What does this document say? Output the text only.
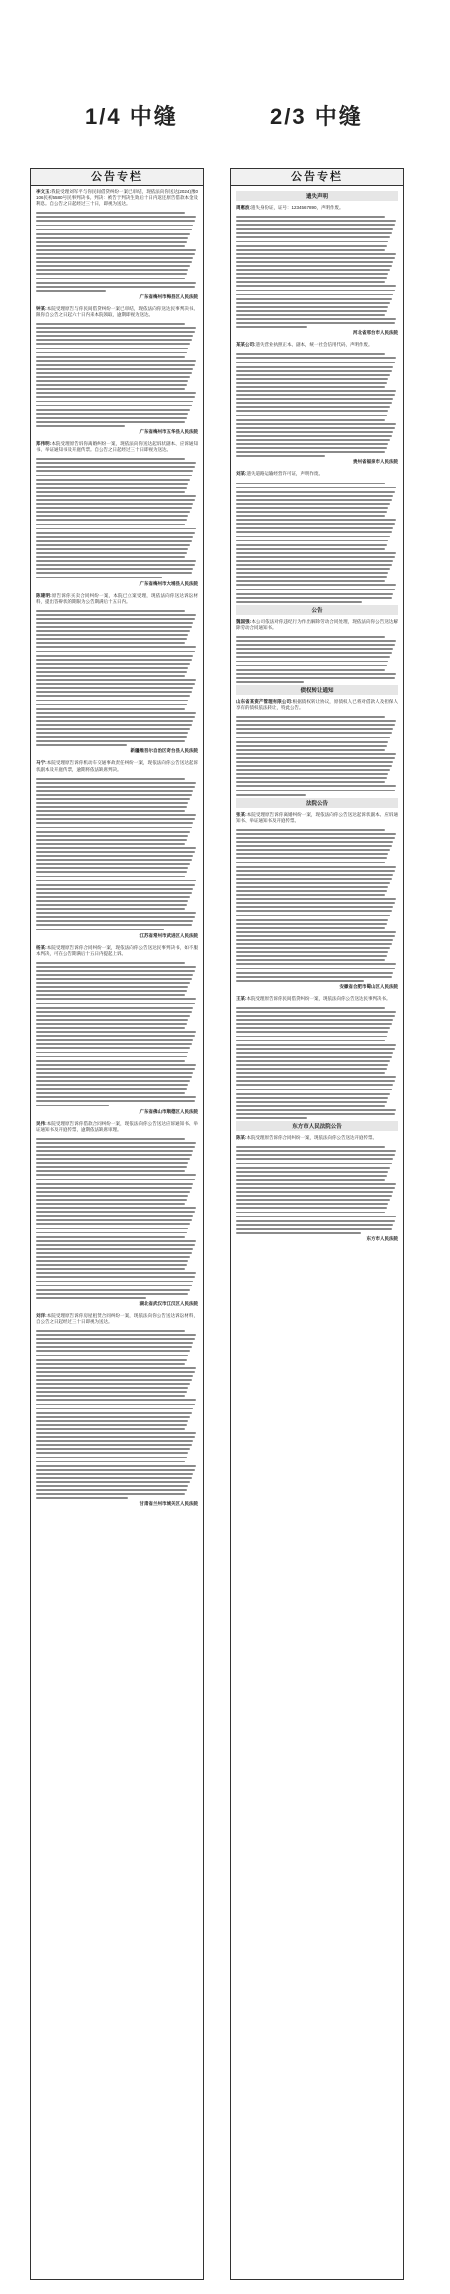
1/4 中缝	2/3 中缝
公告专栏
李文玉:我院受理刘军平与你民间借贷纠纷一案已审结，现依法向你送达(2024)豫0106民初5580号民事判决书。判决：被告于判决生效后十日内返还原告借款本金及利息。自公告之日起经过三十日，即视为送达。
广东省梅州市梅县区人民法院
钟某:本院受理原告与你民间借贷纠纷一案已审结，现依法向你送达民事判决书。限你自公告之日起六十日内来本院领取，逾期即视为送达。
广东省梅州市五华县人民法院
郑伟明:本院受理原告诉你离婚纠纷一案，现依法向你送达起诉状副本、应诉通知书、举证通知书及开庭传票。自公告之日起经过三十日即视为送达。
广东省梅州市大埔县人民法院
陈建明:原告诉你买卖合同纠纷一案，本院已立案受理，现依法向你送达诉讼材料，提出答辩状的期限为公告期满后十五日内。
新疆维吾尔自治区奇台县人民法院
马宁:本院受理原告诉你机动车交通事故责任纠纷一案，现依法向你公告送达起诉状副本及开庭传票，逾期将依法缺席判决。
江苏省常州市武进区人民法院
杨某:本院受理原告诉你合同纠纷一案，现依法向你公告送达民事判决书，如不服本判决，可在公告期满后十五日内提起上诉。
广东省佛山市顺德区人民法院
吴伟:本院受理原告诉你借款合同纠纷一案，现依法向你公告送达应诉通知书、举证通知书及开庭传票，逾期依法缺席审理。
湖北省武汉市江汉区人民法院
刘洋:本院受理原告诉你房屋租赁合同纠纷一案，现依法向你公告送达诉讼材料，自公告之日起经过三十日即视为送达。
甘肃省兰州市城关区人民法院
公告专栏
遗失声明
周惠波:遗失身份证，证号：1234567890，声明作废。
河北省邢台市人民法院
某某公司:遗失营业执照正本、副本，统一社会信用代码，声明作废。
贵州省福泉市人民法院
刘某:遗失道路运输经营许可证，声明作废。
公告
魏国强:本公司依法对你违纪行为作出解除劳动合同处理，现依法向你公告送达解除劳动合同通知书。
债权转让通知
山东省某资产管理有限公司:根据债权转让协议，原债权人已将对借款人及担保人享有的债权依法转让，特此公告。
法院公告
张某:本院受理原告诉你离婚纠纷一案，现依法向你公告送达起诉状副本、应诉通知书、举证通知书及开庭传票。
安徽省合肥市蜀山区人民法院
王某:本院受理原告诉你民间借贷纠纷一案，现依法向你公告送达民事判决书。
东方市人民法院公告
陈某:本院受理原告诉你合同纠纷一案，现依法向你公告送达开庭传票。
东方市人民法院
